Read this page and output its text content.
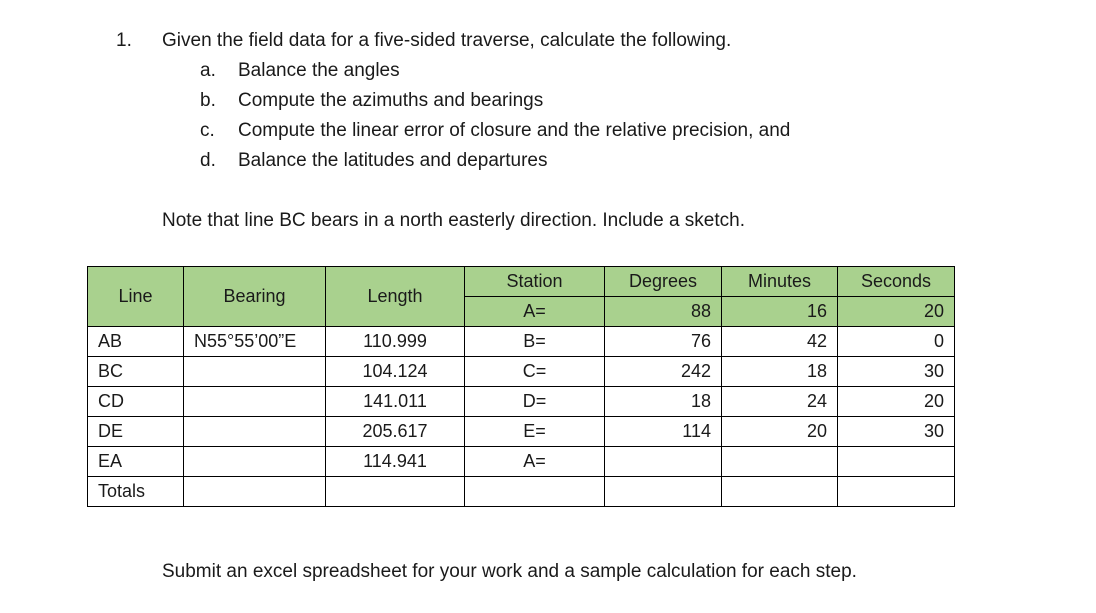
1. Given the field data for a five-sided traverse, calculate the following.
a. Balance the angles
b. Compute the azimuths and bearings
c. Compute the linear error of closure and the relative precision, and
d. Balance the latitudes and departures
Note that line BC bears in a north easterly direction. Include a sketch.
Line	Bearing	Length	Station	Degrees	Minutes	Seconds
			A=	88	16	20
AB	N55°55’00”E	110.999	B=	76	42	0
BC		104.124	C=	242	18	30
CD		141.011	D=	18	24	20
DE		205.617	E=	114	20	30
EA		114.941	A=			
Totals						
Submit an excel spreadsheet for your work and a sample calculation for each step.
